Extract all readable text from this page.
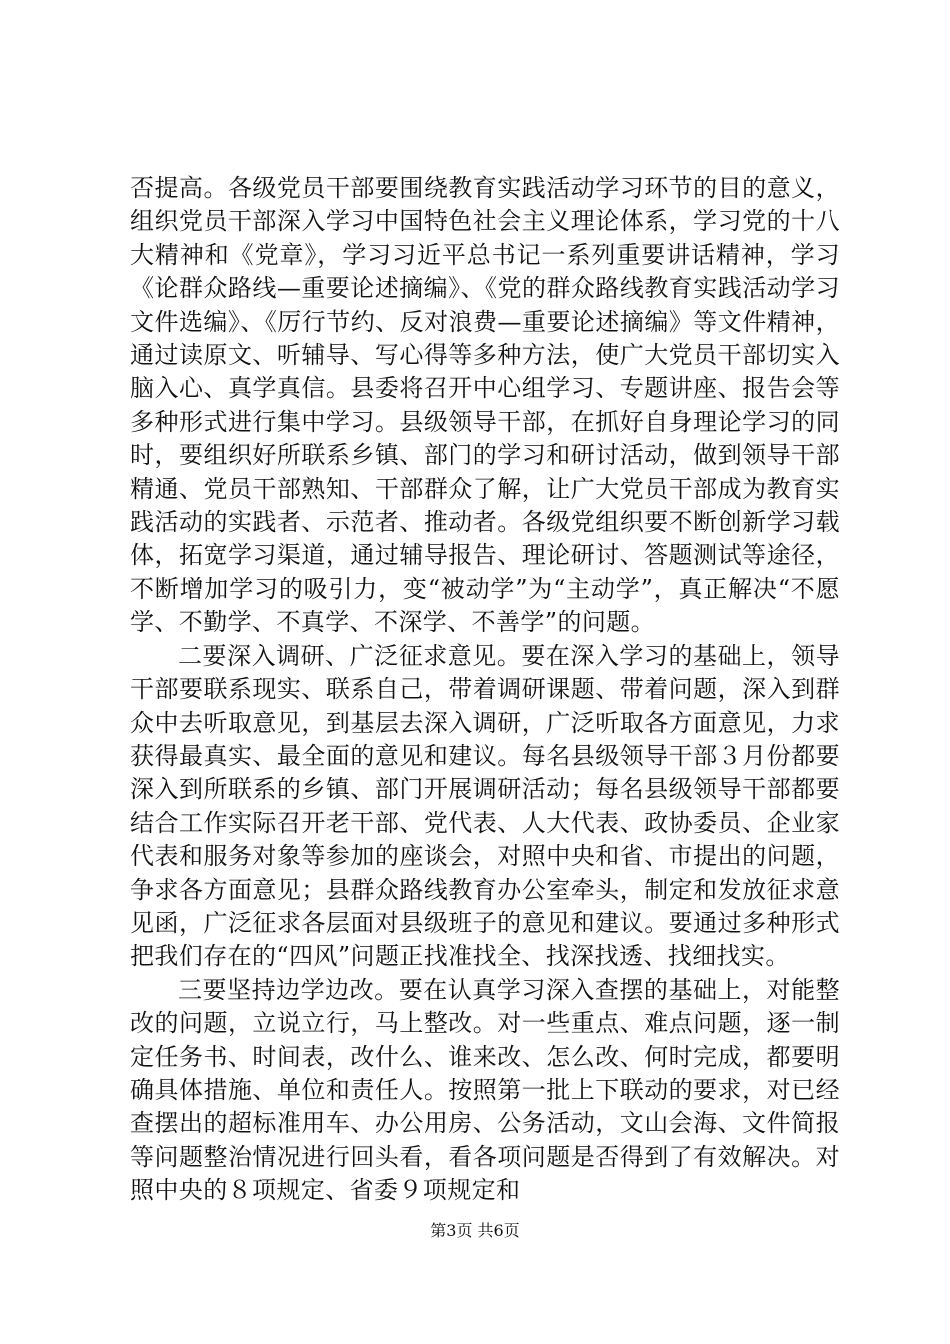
否提高。各级党员干部要围绕教育实践活动学习环节的目的意义，组织党员干部深入学习中国特色社会主义理论体系，学习党的十八大精神和《党章》，学习习近平总书记一系列重要讲话精神，学习《论群众路线—重要论述摘编》、《党的群众路线教育实践活动学习文件选编》、《厉行节约、反对浪费—重要论述摘编》等文件精神，通过读原文、听辅导、写心得等多种方法，使广大党员干部切实入脑入心、真学真信。县委将召开中心组学习、专题讲座、报告会等多种形式进行集中学习。县级领导干部，在抓好自身理论学习的同时，要组织好所联系乡镇、部门的学习和研讨活动，做到领导干部精通、党员干部熟知、干部群众了解，让广大党员干部成为教育实践活动的实践者、示范者、推动者。各级党组织要不断创新学习载体，拓宽学习渠道，通过辅导报告、理论研讨、答题测试等途径，不断增加学习的吸引力，变“被动学”为“主动学”，真正解决“不愿学、不勤学、不真学、不深学、不善学”的问题。

二要深入调研、广泛征求意见。要在深入学习的基础上，领导干部要联系现实、联系自己，带着调研课题、带着问题，深入到群众中去听取意见，到基层去深入调研，广泛听取各方面意见，力求获得最真实、最全面的意见和建议。每名县级领导干部３月份都要深入到所联系的乡镇、部门开展调研活动；每名县级领导干部都要结合工作实际召开老干部、党代表、人大代表、政协委员、企业家代表和服务对象等参加的座谈会，对照中央和省、市提出的问题，争求各方面意见；县群众路线教育办公室牵头，制定和发放征求意见函，广泛征求各层面对县级班子的意见和建议。要通过多种形式把我们存在的“四风”问题正找准找全、找深找透、找细找实。

三要坚持边学边改。要在认真学习深入查摆的基础上，对能整改的问题，立说立行，马上整改。对一些重点、难点问题，逐一制定任务书、时间表，改什么、谁来改、怎么改、何时完成，都要明确具体措施、单位和责任人。按照第一批上下联动的要求，对已经查摆出的超标准用车、办公用房、公务活动，文山会海、文件简报等问题整治情况进行回头看，看各项问题是否得到了有效解决。对照中央的８项规定、省委９项规定和

第3页 共6页
